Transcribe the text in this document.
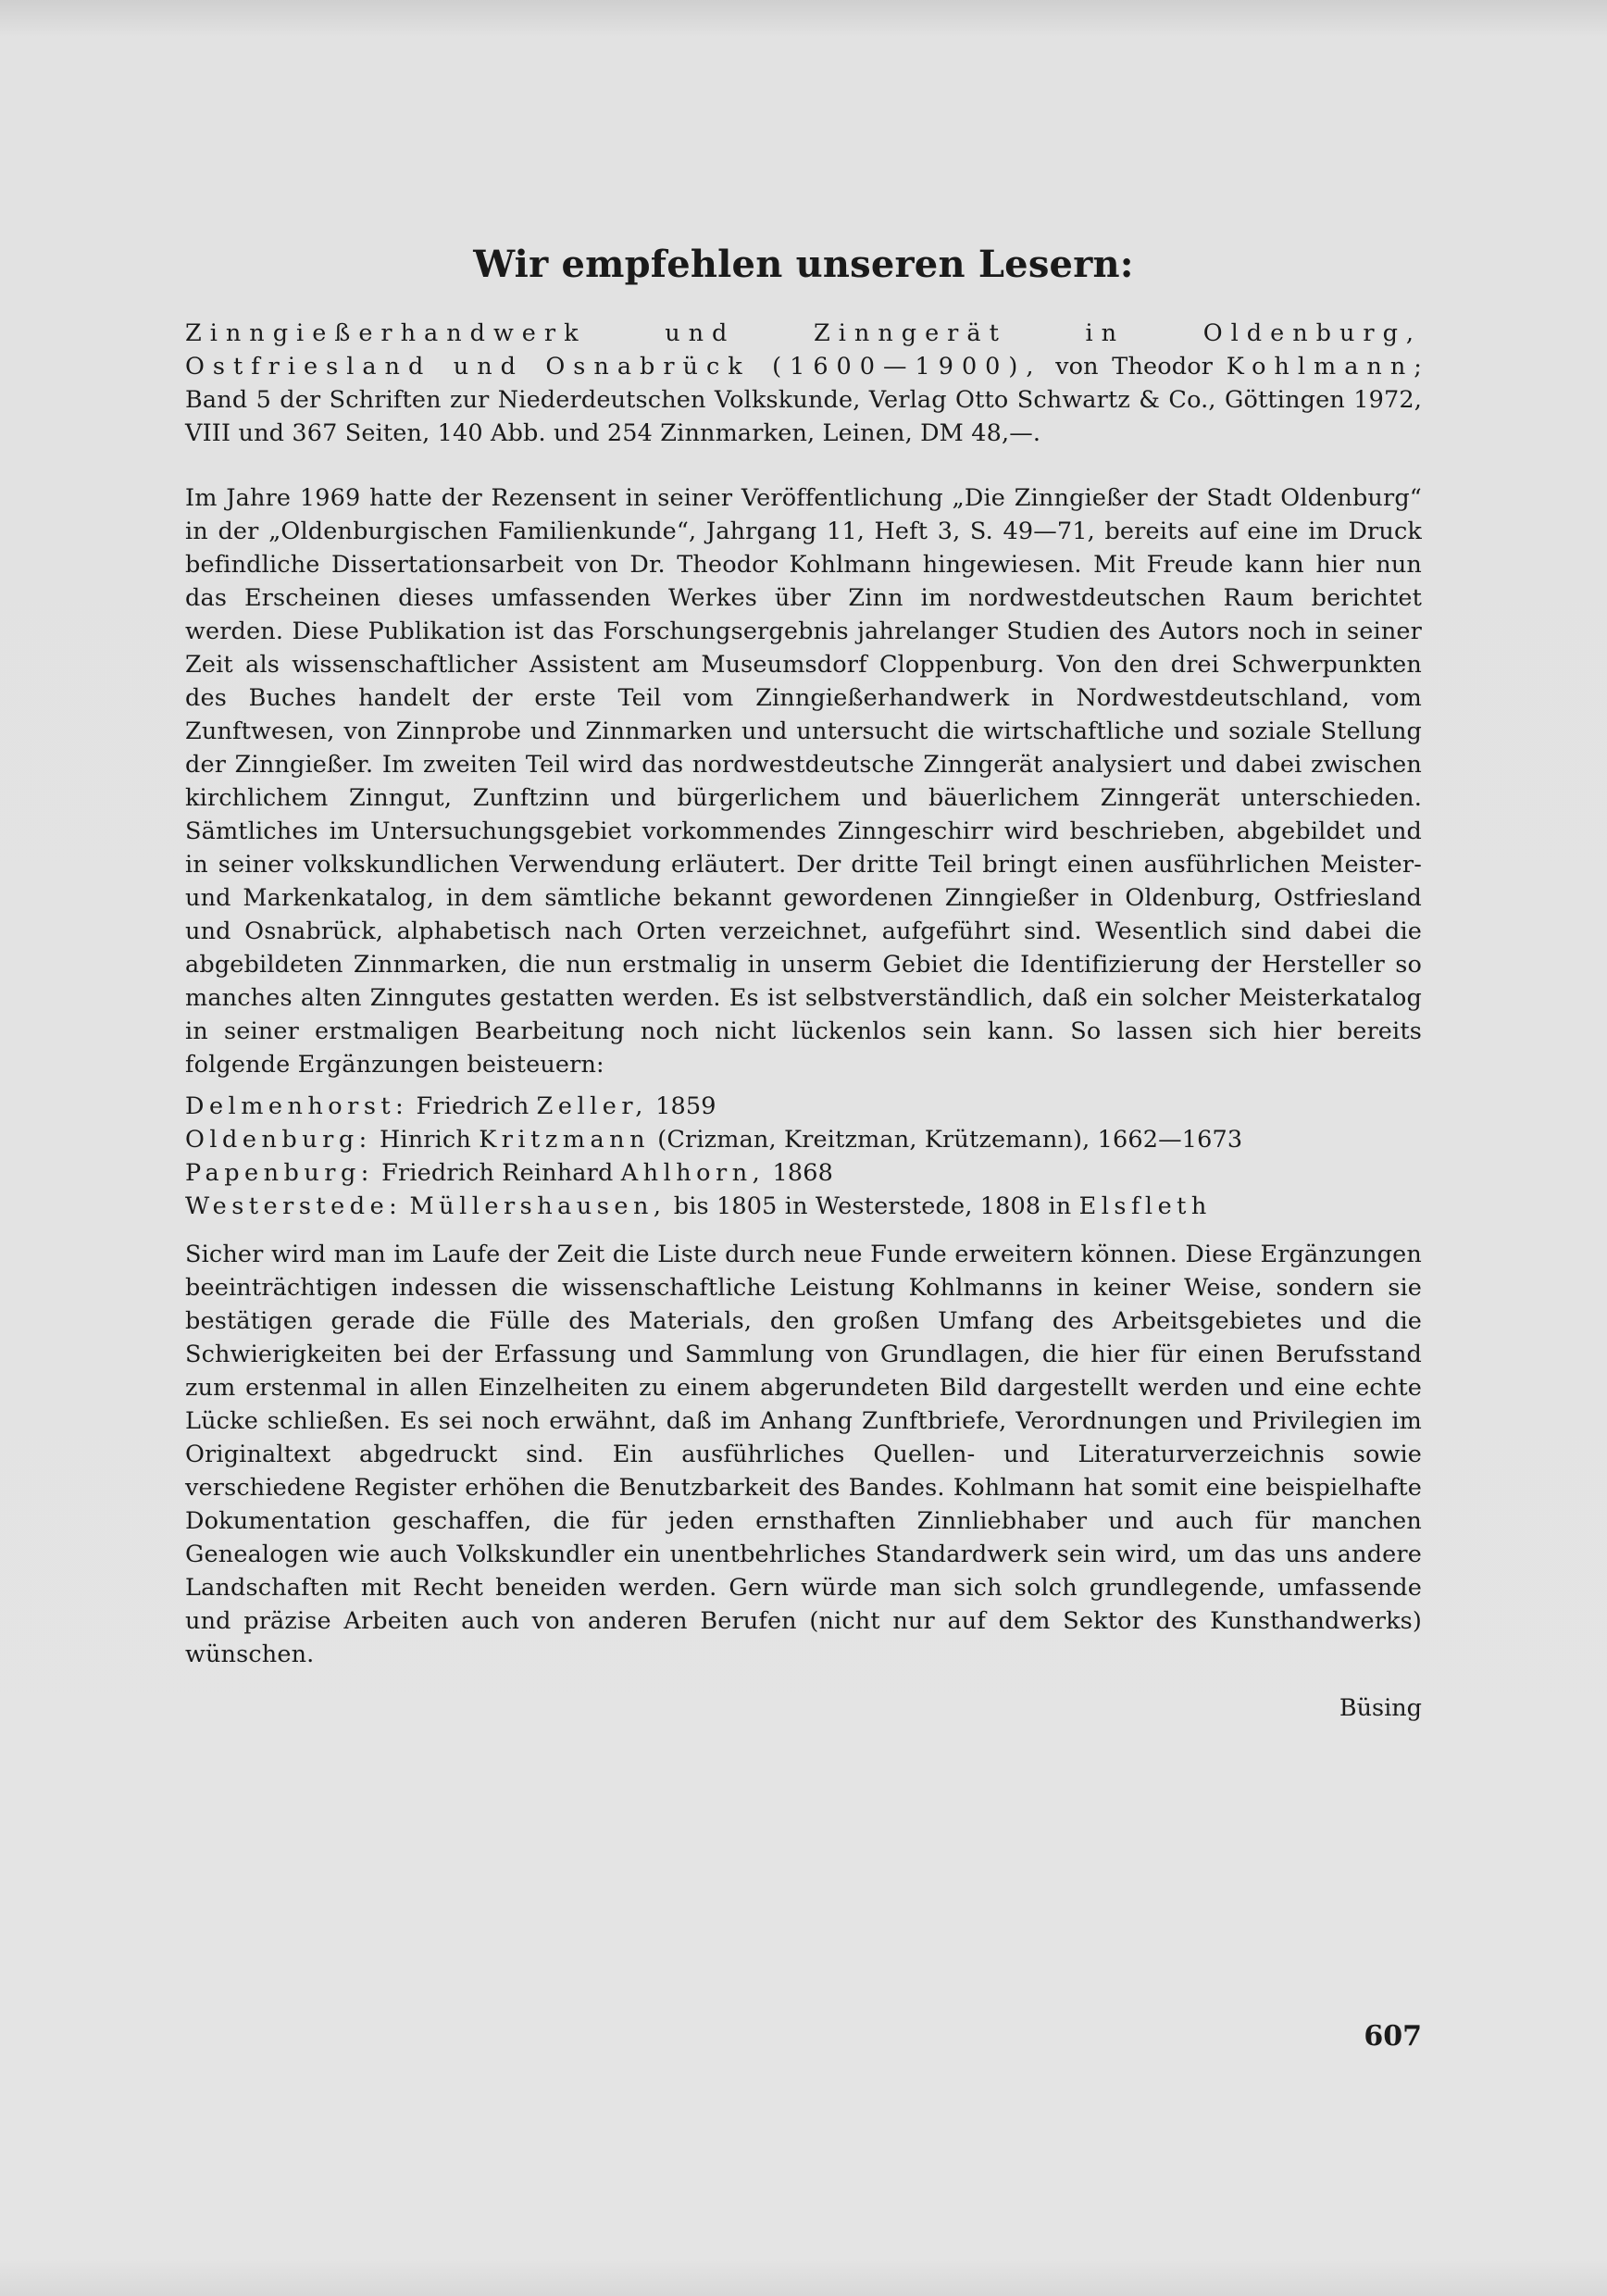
Wir empfehlen unseren Lesern:
Zinngießerhandwerk und Zinngerät in Oldenburg, Ostfriesland und Osnabrück (1600—1900), von Theodor Kohlmann; Band 5 der Schriften zur Niederdeutschen Volkskunde, Verlag Otto Schwartz & Co., Göttingen 1972, VIII und 367 Seiten, 140 Abb. und 254 Zinnmarken, Leinen, DM 48,—.
Im Jahre 1969 hatte der Rezensent in seiner Veröffentlichung „Die Zinngießer der Stadt Oldenburg“ in der „Oldenburgischen Familienkunde“, Jahrgang 11, Heft 3, S. 49—71, bereits auf eine im Druck befindliche Dissertationsarbeit von Dr. Theodor Kohlmann hingewiesen. Mit Freude kann hier nun das Erscheinen dieses umfassenden Werkes über Zinn im nordwestdeutschen Raum berichtet werden. Diese Publikation ist das Forschungsergebnis jahrelanger Studien des Autors noch in seiner Zeit als wissenschaftlicher Assistent am Museumsdorf Cloppenburg. Von den drei Schwerpunkten des Buches handelt der erste Teil vom Zinngießerhandwerk in Nordwestdeutschland, vom Zunftwesen, von Zinnprobe und Zinnmarken und untersucht die wirtschaftliche und soziale Stellung der Zinngießer. Im zweiten Teil wird das nordwestdeutsche Zinngerät analysiert und dabei zwischen kirchlichem Zinngut, Zunftzinn und bürgerlichem und bäuerlichem Zinngerät unterschieden. Sämtliches im Untersuchungsgebiet vorkommendes Zinngeschirr wird beschrieben, abgebildet und in seiner volkskundlichen Verwendung erläutert. Der dritte Teil bringt einen ausführlichen Meister- und Markenkatalog, in dem sämtliche bekannt gewordenen Zinngießer in Oldenburg, Ostfriesland und Osnabrück, alphabetisch nach Orten verzeichnet, aufgeführt sind. Wesentlich sind dabei die abgebildeten Zinnmarken, die nun erstmalig in unserm Gebiet die Identifizierung der Hersteller so manches alten Zinngutes gestatten werden. Es ist selbstverständlich, daß ein solcher Meisterkatalog in seiner erstmaligen Bearbeitung noch nicht lückenlos sein kann. So lassen sich hier bereits folgende Ergänzungen beisteuern:
Delmenhorst: Friedrich Zeller, 1859
Oldenburg: Hinrich Kritzmann (Crizman, Kreitzman, Krützemann), 1662—1673
Papenburg: Friedrich Reinhard Ahlhorn, 1868
Westerstede: Müllershausen, bis 1805 in Westerstede, 1808 in Elsfleth
Sicher wird man im Laufe der Zeit die Liste durch neue Funde erweitern können. Diese Ergänzungen beeinträchtigen indessen die wissenschaftliche Leistung Kohlmanns in keiner Weise, sondern sie bestätigen gerade die Fülle des Materials, den großen Umfang des Arbeitsgebietes und die Schwierigkeiten bei der Erfassung und Sammlung von Grundlagen, die hier für einen Berufsstand zum erstenmal in allen Einzelheiten zu einem abgerundeten Bild dargestellt werden und eine echte Lücke schließen. Es sei noch erwähnt, daß im Anhang Zunftbriefe, Verordnungen und Privilegien im Originaltext abgedruckt sind. Ein ausführliches Quellen- und Literaturverzeichnis sowie verschiedene Register erhöhen die Benutzbarkeit des Bandes. Kohlmann hat somit eine beispielhafte Dokumentation geschaffen, die für jeden ernsthaften Zinnliebhaber und auch für manchen Genealogen wie auch Volkskundler ein unentbehrliches Standardwerk sein wird, um das uns andere Landschaften mit Recht beneiden werden. Gern würde man sich solch grundlegende, umfassende und präzise Arbeiten auch von anderen Berufen (nicht nur auf dem Sektor des Kunsthandwerks) wünschen.
Büsing
607
